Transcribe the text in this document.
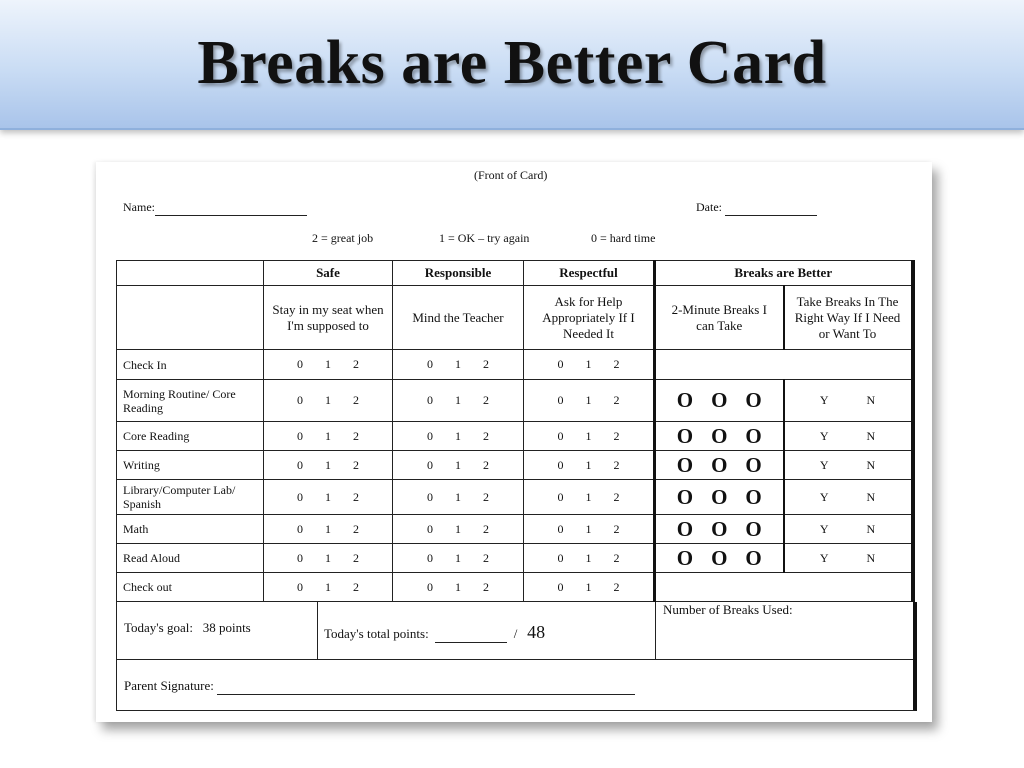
Breaks are Better Card
(Front of Card)
Name:	Date:
2 = great job	1 = OK – try again	0 = hard time
	Safe	Responsible	Respectful	Breaks are Better	
	Stay in my seat when I'm supposed to	Mind the Teacher	Ask for Help Appropriately If I Needed It	2-Minute Breaks I can Take	Take Breaks In The Right Way If I Need or Want To
Check In	0 1 2	0 1 2	0 1 2		

Morning Routine/ Core Reading	0 1 2	0 1 2	0 1 2	O O O	Y N

Core Reading	0 1 2	0 1 2	0 1 2	O O O	Y N

Writing	0 1 2	0 1 2	0 1 2	O O O	Y N

Library/Computer Lab/ Spanish	0 1 2	0 1 2	0 1 2	O O O	Y N

Math	0 1 2	0 1 2	0 1 2	O O O	Y N

Read Aloud	0 1 2	0 1 2	0 1 2	O O O	Y N

Check out	0 1 2	0 1 2	0 1 2		

Today's goal: 38 points	Today's total points:	/ 48
Number of Breaks Used:
Parent Signature:
